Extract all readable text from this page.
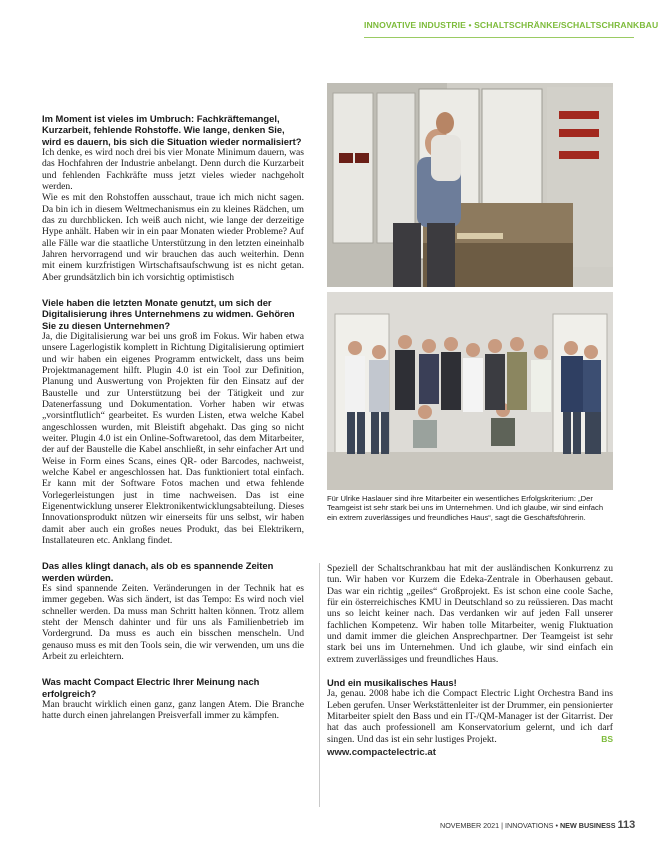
INNOVATIVE INDUSTRIE • SCHALTSCHRÄNKE/SCHALTSCHRANKBAU

Im Moment ist vieles im Umbruch: Fachkräftemangel, Kurzarbeit, fehlende Rohstoffe. Wie lange, denken Sie, wird es dauern, bis sich die Situation wieder normalisiert?

Ich denke, es wird noch drei bis vier Monate Minimum dauern, was das Hochfahren der Industrie anbelangt. Denn durch die Kurzarbeit und fehlenden Fachkräfte muss jetzt vieles wieder nachgeholt werden.

Wie es mit den Rohstoffen ausschaut, traue ich mich nicht sagen. Da bin ich in diesem Weltmechanismus ein zu kleines Rädchen, um das zu durchblicken. Ich weiß auch nicht, wie lange der derzeitige Hype anhält. Haben wir in ein paar Monaten wieder Probleme? Auf alle Fälle war die staatliche Unterstützung in den letzten eineinhalb Jahren hervorragend und wir brauchen das auch weiterhin. Denn mit einem kurzfristigen Wirtschaftsaufschwung ist es nicht getan. Aber grundsätzlich bin ich vorsichtig optimistisch

Viele haben die letzten Monate genutzt, um sich der Digitalisierung ihres Unternehmens zu widmen. Gehören Sie zu diesen Unternehmen?

Ja, die Digitalisierung war bei uns groß im Fokus. Wir haben etwa unsere Lagerlogistik komplett in Richtung Digitalisierung optimiert und wir haben ein eigenes Programm entwickelt, dass uns beim Projektmanagement hilft. Plugin 4.0 ist ein Tool zur Definition, Planung und Auswertung von Projekten für den Einsatz auf der Baustelle und zur Unterstützung bei der Tätigkeit und zur Datenerfassung und Dokumentation. Vorher haben wir etwas „vorsintflutlich“ gearbeitet. Es wurden Listen, etwa welche Kabel angeschlossen wurden, mit Bleistift abgehakt. Das ging so nicht weiter. Plugin 4.0 ist ein Online-Softwaretool, das dem Mitarbeiter, der auf der Baustelle die Kabel anschließt, in sehr einfacher Art und Weise in Form eines Scans, eines QR- oder Barcodes, nachweist, welche Kabel er angeschlossen hat. Das funktioniert total einfach. Er kann mit der Software Fotos machen und etwa fehlende Vorlegerleistungen just in time nachweisen. Das ist eine Eigenentwicklung unserer Elektronikentwicklungsabteilung. Dieses Innovationsprodukt nützen wir einerseits für uns selbst, wir haben damit aber auch ein großes neues Produkt, das bei Elektrikern, Installateuren etc. Anklang findet.

Das alles klingt danach, als ob es spannende Zeiten werden würden.

Es sind spannende Zeiten. Veränderungen in der Technik hat es immer gegeben. Was sich ändert, ist das Tempo: Es wird noch viel schneller werden. Da muss man Schritt halten können. Trotz allem steht der Mensch dahinter und für uns als Familienbetrieb im Vordergrund. Da muss es auch ein bisschen menscheln. Und genauso muss es mit den Tools sein, die wir verwenden, um uns die Arbeit zu erleichtern.

Was macht Compact Electric Ihrer Meinung nach erfolgreich?

Man braucht wirklich einen ganz, ganz langen Atem. Die Branche hatte durch einen jahrelangen Preisverfall immer zu kämpfen.

Für Ulrike Haslauer sind ihre Mitarbeiter ein wesentliches Erfolgskriterium: „Der Teamgeist ist sehr stark bei uns im Unternehmen. Und ich glaube, wir sind einfach ein extrem zuverlässiges und freundliches Haus“, sagt die Geschäftsführerin.

Speziell der Schaltschrankbau hat mit der ausländischen Konkurrenz zu tun. Wir haben vor Kurzem die Edeka-Zentrale in Oberhausen gebaut. Das war ein richtig „geiles“ Großprojekt. Es ist schon eine coole Sache, für ein österreichisches KMU in Deutschland so zu reüssieren. Das macht uns so leicht keiner nach. Das verdanken wir auf jeden Fall unserer fachlichen Kompetenz. Wir haben tolle Mitarbeiter, wenig Fluktuation und damit immer die gleichen Ansprechpartner. Der Teamgeist ist sehr stark bei uns im Unternehmen. Und ich glaube, wir sind einfach ein extrem zuverlässiges und freundliches Haus.

Und ein musikalisches Haus!

Ja, genau. 2008 habe ich die Compact Electric Light Orchestra Band ins Leben gerufen. Unser Werkstättenleiter ist der Drummer, ein pensionierter Mitarbeiter spielt den Bass und ein IT-/QM-Manager ist der Gitarrist. Der hat das auch professionell am Konservatorium gelernt, und ich darf singen. Und das ist ein sehr lustiges Projekt.	BS

www.compactelectric.at
NOVEMBER 2021 | INNOVATIONS • NEW BUSINESS 113
